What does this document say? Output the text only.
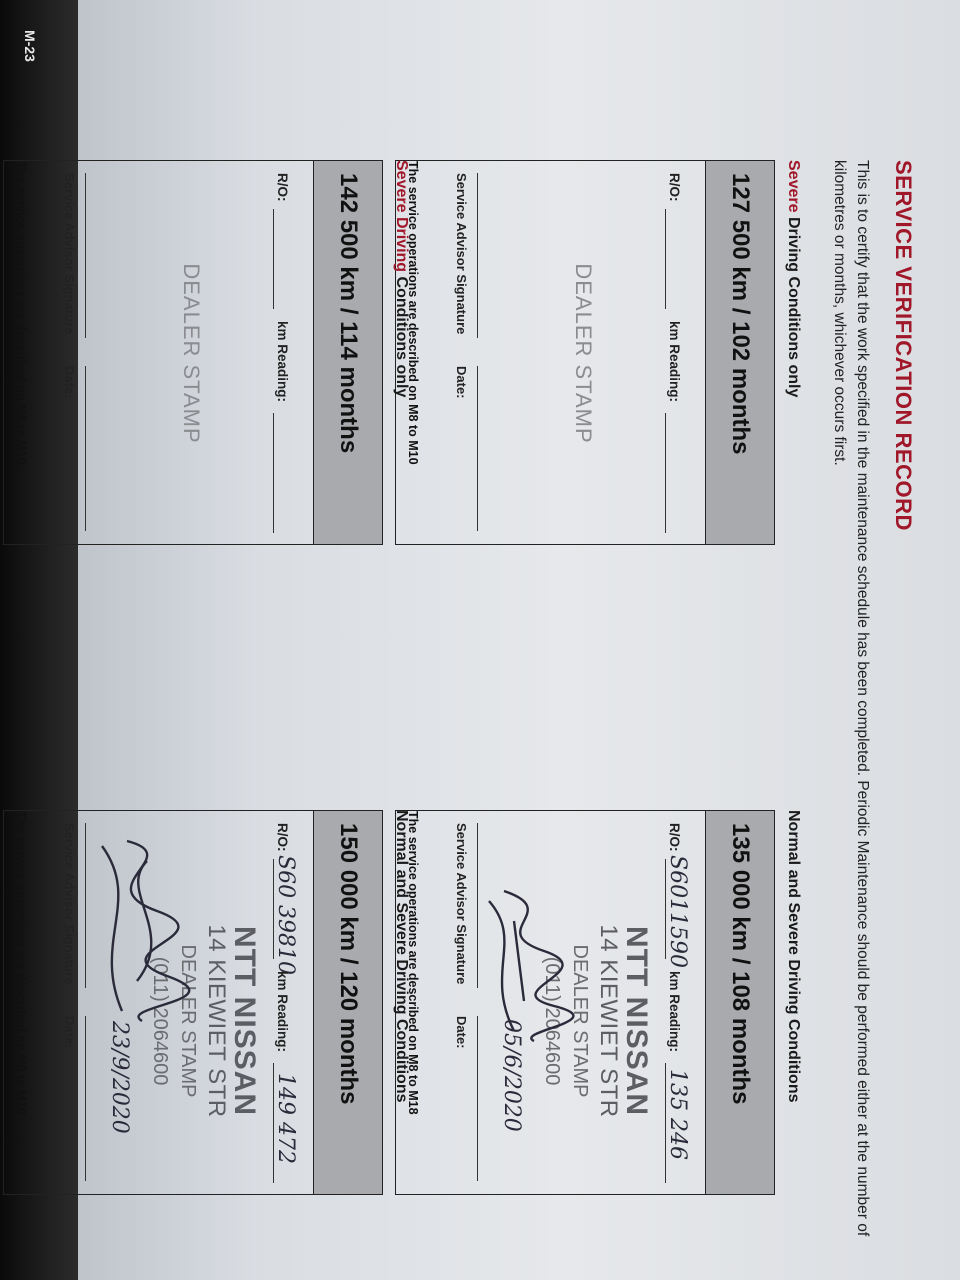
M-23
SERVICE VERIFICATION RECORD
This is to certify that the work specified in the maintenance schedule has been completed. Periodic Maintenance should be performed either at the number of kilometres or months, whichever occurs first.
Severe Driving Conditions only
127 500 km / 102 months
R/O:
km Reading:
DEALER STAMP
Service Advisor Signature
Date:
The service operations are described on M8 to M10
Severe Driving Conditions only
142 500 km / 114 months
R/O:
km Reading:
DEALER STAMP
Service Advisor Signature
Date:
The service operations are described on M8 to M10
Normal and Severe Driving Conditions
135 000 km / 108 months
R/O:
S6011590
km Reading:
135 246
NTT NISSAN
14 KIEWIET STR
DEALER STAMP
(011) 2064600
05/6/2020
Service Advisor Signature
Date:
The service operations are described on M8 to M18
Normal and Severe Driving Conditions
150 000 km / 120 months
R/O:
S60 39810
km Reading:
149 472
NTT NISSAN
14 KIEWIET STR
DEALER STAMP
(011) 2064600
23/9/2020
Service Advisor Signature
Date:
The service operations are described on M8 to M18
